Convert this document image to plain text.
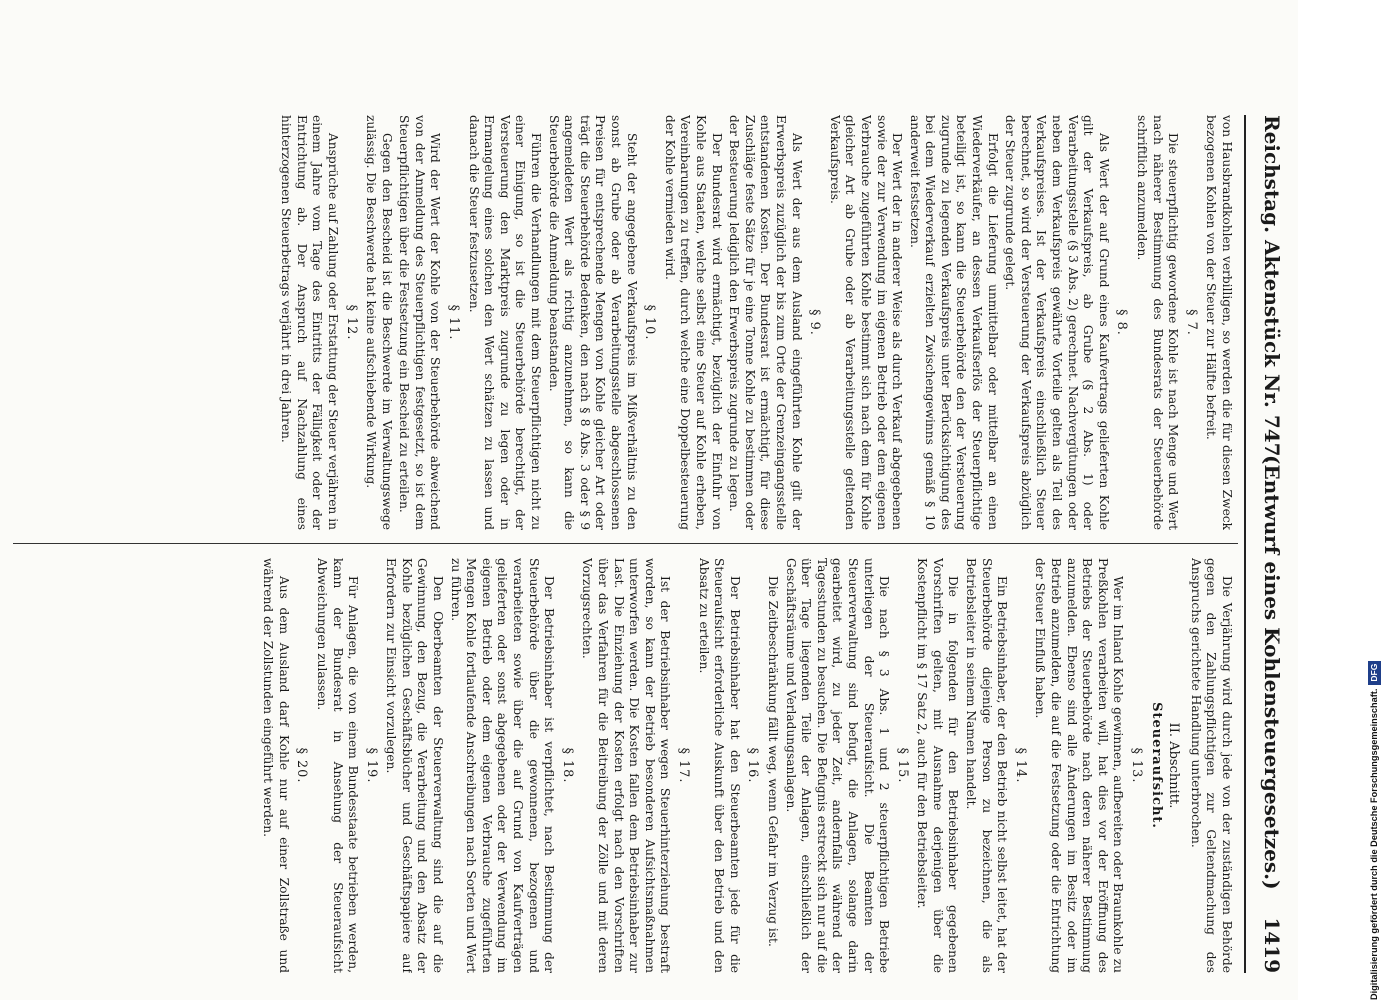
Reichstag. Aktenstück Nr. 747.
(Entwurf eines Kohlensteuergesetzes.)
1419

von Hausbrandkohlen verbilligen, so werden die für diesen Zweck bezogenen Kohlen von der Steuer zur Hälfte befreit.

§ 7.

Die steuerpflichtig gewordene Kohle ist nach Menge und Wert nach näherer Bestimmung des Bundesrats der Steuerbehörde schriftlich anzumelden.

§ 8.

Als Wert der auf Grund eines Kaufvertrags gelieferten Kohle gilt der Verkaufspreis, ab Grube (§ 2 Abs. 1) oder Verarbeitungsstelle (§ 3 Abs. 2) gerechnet. Nachvergütungen oder neben dem Verkaufspreis gewährte Vorteile gelten als Teil des Verkaufspreises. Ist der Verkaufspreis einschließlich Steuer berechnet, so wird der Versteuerung der Verkaufspreis abzüglich der Steuer zugrunde gelegt.

Erfolgt die Lieferung unmittelbar oder mittelbar an einen Wiederverkäufer, an dessen Verkaufserlös der Steuerpflichtige beteiligt ist, so kann die Steuerbehörde den der Versteuerung zugrunde zu legenden Verkaufspreis unter Berücksichtigung des bei dem Wiederverkauf erzielten Zwischengewinns gemäß § 10 anderweit festsetzen.

Der Wert der in anderer Weise als durch Verkauf abgegebenen sowie der zur Verwendung im eigenen Betrieb oder dem eigenen Verbrauche zugeführten Kohle bestimmt sich nach dem für Kohle gleicher Art ab Grube oder ab Verarbeitungsstelle geltenden Verkaufspreis.

§ 9.

Als Wert der aus dem Ausland eingeführten Kohle gilt der Erwerbspreis zuzüglich der bis zum Orte der Grenzeingangsstelle entstandenen Kosten. Der Bundesrat ist ermächtigt, für diese Zuschläge feste Sätze für je eine Tonne Kohle zu bestimmen oder der Besteuerung lediglich den Erwerbspreis zugrunde zu legen.

Der Bundesrat wird ermächtigt, bezüglich der Einfuhr von Kohle aus Staaten, welche selbst eine Steuer auf Kohle erheben, Vereinbarungen zu treffen, durch welche eine Doppelbesteuerung der Kohle vermieden wird.

§ 10.

Steht der angegebene Verkaufspreis im Mißverhältnis zu den sonst ab Grube oder ab Verarbeitungsstelle abgeschlossenen Preisen für entsprechende Mengen von Kohle gleicher Art oder trägt die Steuerbehörde Bedenken, den nach § 8 Abs. 3 oder § 9 angemeldeten Wert als richtig anzunehmen, so kann die Steuerbehörde die Anmeldung beanstanden.

Führen die Verhandlungen mit dem Steuerpflichtigen nicht zu einer Einigung, so ist die Steuerbehörde berechtigt, der Versteuerung den Marktpreis zugrunde zu legen oder in Ermangelung eines solchen den Wert schätzen zu lassen und danach die Steuer festzusetzen.

§ 11.

Wird der Wert der Kohle von der Steuerbehörde abweichend von der Anmeldung des Steuerpflichtigen festgesetzt, so ist dem Steuerpflichtigen über die Festsetzung ein Bescheid zu erteilen.

Gegen den Bescheid ist die Beschwerde im Verwaltungswege zulässig. Die Beschwerde hat keine aufschiebende Wirkung.

§ 12.

Ansprüche auf Zahlung oder Erstattung der Steuer verjähren in einem Jahre vom Tage des Eintritts der Fälligkeit oder der Entrichtung ab. Der Anspruch auf Nachzahlung eines hinterzogenen Steuerbetrags verjährt in drei Jahren.

Die Verjährung wird durch jede von der zuständigen Behörde gegen den Zahlungspflichtigen zur Geltendmachung des Anspruchs gerichtete Handlung unterbrochen.

II. Abschnitt.
Steueraufsicht.
§ 13.

Wer im Inland Kohle gewinnen, aufbereiten oder Braunkohle zu Preßkohlen verarbeiten will, hat dies vor der Eröffnung des Betriebs der Steuerbehörde nach deren näherer Bestimmung anzumelden. Ebenso sind alle Änderungen im Besitz oder im Betrieb anzumelden, die auf die Festsetzung oder die Entrichtung der Steuer Einfluß haben.

§ 14.

Ein Betriebsinhaber, der den Betrieb nicht selbst leitet, hat der Steuerbehörde diejenige Person zu bezeichnen, die als Betriebsleiter in seinem Namen handelt.

Die in folgenden für den Betriebsinhaber gegebenen Vorschriften gelten, mit Ausnahme derjenigen über die Kostenpflicht im § 17 Satz 2, auch für den Betriebsleiter.

§ 15.

Die nach § 3 Abs. 1 und 2 steuerpflichtigen Betriebe unterliegen der Steueraufsicht. Die Beamten der Steuerverwaltung sind befugt, die Anlagen, solange darin gearbeitet wird, zu jeder Zeit, andernfalls während der Tagesstunden zu besuchen. Die Befugnis erstreckt sich nur auf die über Tage liegenden Teile der Anlagen, einschließlich der Geschäftsräume und Verladungsanlagen.

Die Zeitbeschränkung fällt weg, wenn Gefahr im Verzug ist.

§ 16.

Der Betriebsinhaber hat den Steuerbeamten jede für die Steueraufsicht erforderliche Auskunft über den Betrieb und den Absatz zu erteilen.

§ 17.

Ist der Betriebsinhaber wegen Steuerhinterziehung bestraft worden, so kann der Betrieb besonderen Aufsichtsmaßnahmen unterworfen werden. Die Kosten fallen dem Betriebsinhaber zur Last. Die Einziehung der Kosten erfolgt nach den Vorschriften über das Verfahren für die Beitreibung der Zölle und mit deren Vorzugsrechten.

§ 18.

Der Betriebsinhaber ist verpflichtet, nach Bestimmung der Steuerbehörde über die gewonnenen, bezogenen und verarbeiteten sowie über die auf Grund von Kaufverträgen gelieferten oder sonst abgegebenen oder der Verwendung im eigenen Betrieb oder dem eigenen Verbrauche zugeführten Mengen Kohle fortlaufende Anschreibungen nach Sorten und Wert zu führen.

Den Oberbeamten der Steuerverwaltung sind die auf die Gewinnung, den Bezug, die Verarbeitung und den Absatz der Kohle bezüglichen Geschäftsbücher und Geschäftspapiere auf Erfordern zur Einsicht vorzulegen.

§ 19.

Für Anlagen, die von einem Bundesstaate betrieben werden, kann der Bundesrat in Ansehung der Steueraufsicht Abweichungen zulassen.

§ 20.

Aus dem Ausland darf Kohle nur auf einer Zollstraße und während der Zollstunden eingeführt werden.	Digitalisierung gefördert durch die Deutsche Forschungsgemeinschaft.DFG
